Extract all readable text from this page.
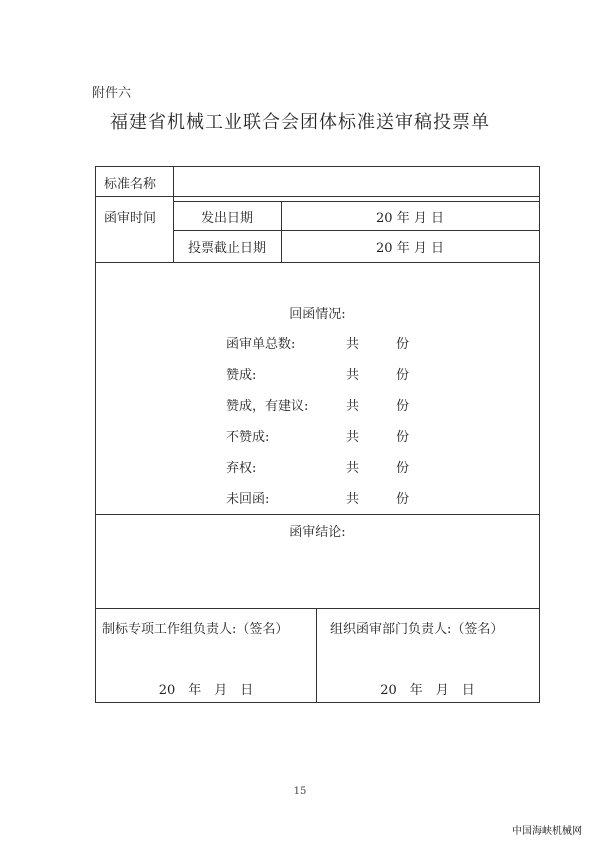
附件六
福建省机械工业联合会团体标准送审稿投票单
标准名称
函审时间	发出日期	20 年 月 日
投票截止日期	20 年 月 日
回函情况:
函审单总数:	共	份
赞成:	共	份
赞成，有建议:	共	份
不赞成:	共	份
弃权:	共	份
未回函:	共	份
函审结论:
制标专项工作组负责人:（签名）
20　年　月　日
组织函审部门负责人:（签名）
20　年　月　日
15
中国海峡机械网
